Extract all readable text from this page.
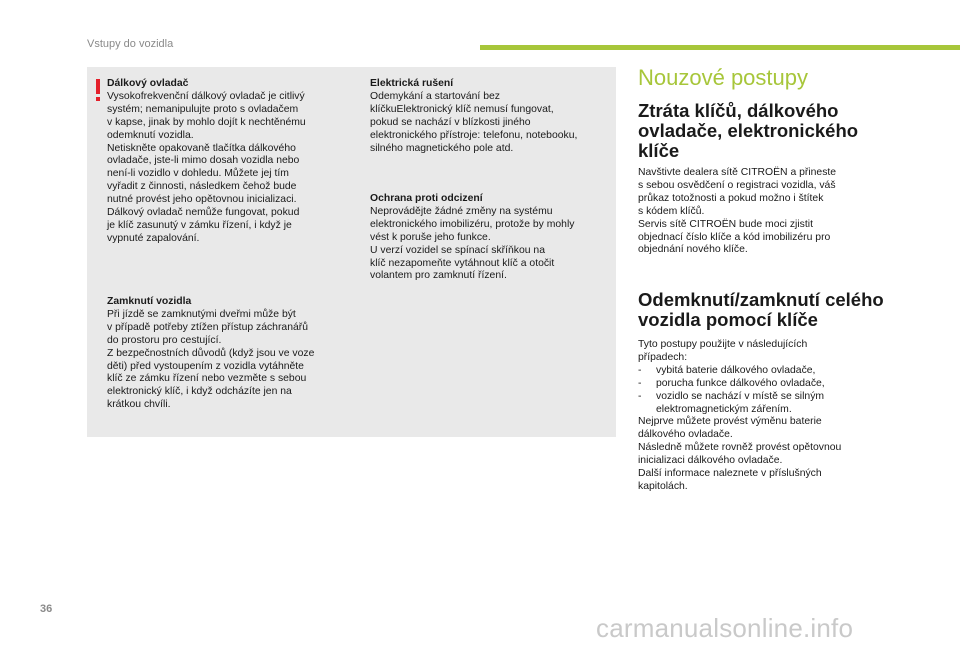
Vstupy do vozidla
Dálkový ovladač
Vysokofrekvenční dálkový ovladač je citlivý
systém; nemanipulujte proto s ovladačem
v kapse, jinak by mohlo dojít k nechtěnému
odemknutí vozidla.
Netiskněte opakovaně tlačítka dálkového
ovladače, jste-li mimo dosah vozidla nebo
není-li vozidlo v dohledu. Můžete jej tím
vyřadit z činnosti, následkem čehož bude
nutné provést jeho opětovnou inicializaci.
Dálkový ovladač nemůže fungovat, pokud
je klíč zasunutý v zámku řízení, i když je
vypnuté zapalování.
Zamknutí vozidla
Při jízdě se zamknutými dveřmi může být
v případě potřeby ztížen přístup záchranářů
do prostoru pro cestující.
Z bezpečnostních důvodů (když jsou ve voze
děti) před vystoupením z vozidla vytáhněte
klíč ze zámku řízení nebo vezměte s sebou
elektronický klíč, i když odcházíte jen na
krátkou chvíli.
Elektrická rušení
Odemykání a startování bez
klíčkuElektronický klíč nemusí fungovat,
pokud se nachází v blízkosti jiného
elektronického přístroje: telefonu, notebooku,
silného magnetického pole atd.
Ochrana proti odcizení
Neprovádějte žádné změny na systému
elektronického imobilizéru, protože by mohly
vést k poruše jeho funkce.
U verzí vozidel se spínací skříňkou na
klíč nezapomeňte vytáhnout klíč a otočit
volantem pro zamknutí řízení.
Nouzové postupy
Ztráta klíčů, dálkového
ovladače, elektronického
klíče
Navštivte dealera sítě CITROËN a přineste
s sebou osvědčení o registraci vozidla, váš
průkaz totožnosti a pokud možno i štítek
s kódem klíčů.
Servis sítě CITROËN bude moci zjistit
objednací číslo klíče a kód imobilizéru pro
objednání nového klíče.
Odemknutí/zamknutí celého
vozidla pomocí klíče
Tyto postupy použijte v následujících
případech:
- vybitá baterie dálkového ovladače,
- porucha funkce dálkového ovladače,
- vozidlo se nachází v místě se silným
elektromagnetickým zářením.
Nejprve můžete provést výměnu baterie
dálkového ovladače.
Následně můžete rovněž provést opětovnou
inicializaci dálkového ovladače.
Další informace naleznete v příslušných
kapitolách.
36
carmanualsonline.info
